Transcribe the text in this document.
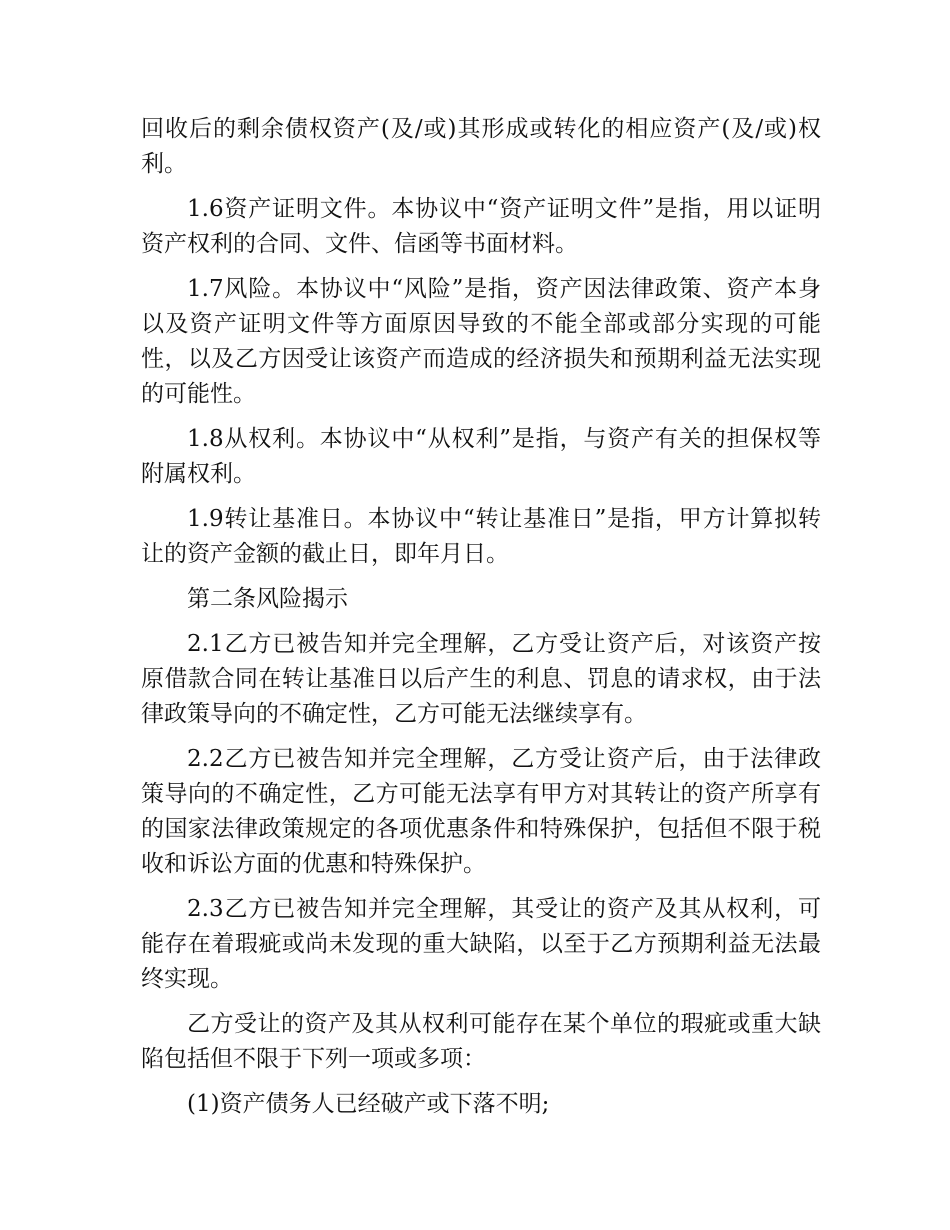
回收后的剩余债权资产(及/或)其形成或转化的相应资产(及/或)权利。

1.6资产证明文件。本协议中“资产证明文件”是指，用以证明资产权利的合同、文件、信函等书面材料。

1.7风险。本协议中“风险”是指，资产因法律政策、资产本身以及资产证明文件等方面原因导致的不能全部或部分实现的可能性，以及乙方因受让该资产而造成的经济损失和预期利益无法实现的可能性。

1.8从权利。本协议中“从权利”是指，与资产有关的担保权等附属权利。

1.9转让基准日。本协议中“转让基准日”是指，甲方计算拟转让的资产金额的截止日，即年月日。

第二条风险揭示

2.1乙方已被告知并完全理解，乙方受让资产后，对该资产按原借款合同在转让基准日以后产生的利息、罚息的请求权，由于法律政策导向的不确定性，乙方可能无法继续享有。

2.2乙方已被告知并完全理解，乙方受让资产后，由于法律政策导向的不确定性，乙方可能无法享有甲方对其转让的资产所享有的国家法律政策规定的各项优惠条件和特殊保护，包括但不限于税收和诉讼方面的优惠和特殊保护。

2.3乙方已被告知并完全理解，其受让的资产及其从权利，可能存在着瑕疵或尚未发现的重大缺陷，以至于乙方预期利益无法最终实现。

乙方受让的资产及其从权利可能存在某个单位的瑕疵或重大缺陷包括但不限于下列一项或多项：

(1)资产债务人已经破产或下落不明;
